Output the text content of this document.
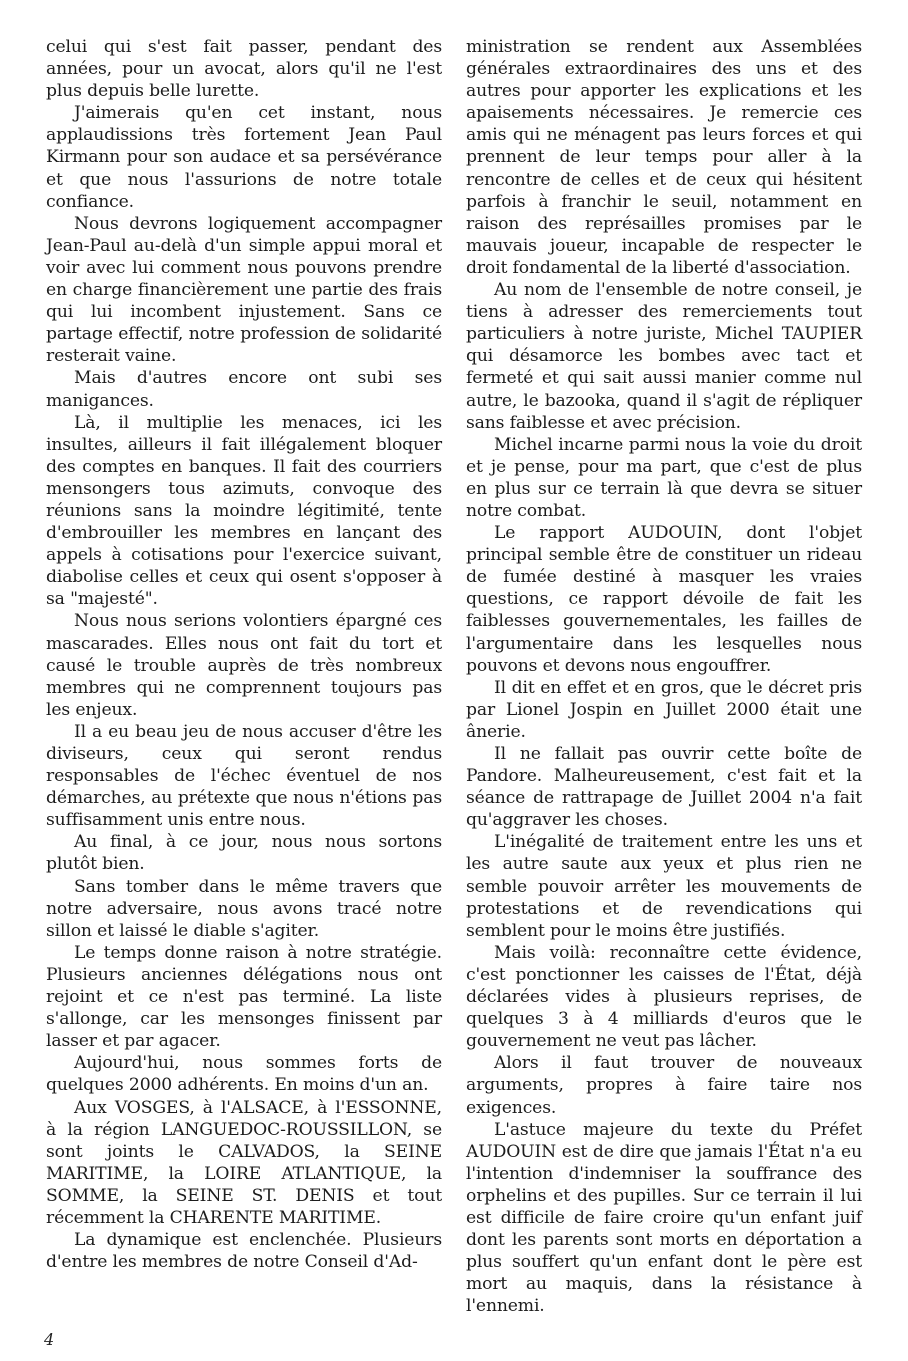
celui qui s'est fait passer, pendant des années, pour un avocat, alors qu'il ne l'est plus depuis belle lurette.

J'aimerais qu'en cet instant, nous applaudissions très fortement Jean Paul Kirmann pour son audace et sa persévérance et que nous l'assurions de notre totale confiance.

Nous devrons logiquement accompagner Jean-Paul au-delà d'un simple appui moral et voir avec lui comment nous pouvons prendre en charge financièrement une partie des frais qui lui incombent injustement. Sans ce partage effectif, notre profession de solidarité resterait vaine.

Mais d'autres encore ont subi ses manigances.

Là, il multiplie les menaces, ici les insultes, ailleurs il fait illégalement bloquer des comptes en banques. Il fait des courriers mensongers tous azimuts, convoque des réunions sans la moindre légitimité, tente d'embrouiller les membres en lançant des appels à cotisations pour l'exercice suivant, diabolise celles et ceux qui osent s'opposer à sa "majesté".

Nous nous serions volontiers épargné ces mascarades. Elles nous ont fait du tort et causé le trouble auprès de très nombreux membres qui ne comprennent toujours pas les enjeux.

Il a eu beau jeu de nous accuser d'être les diviseurs, ceux qui seront rendus responsables de l'échec éventuel de nos démarches, au prétexte que nous n'étions pas suffisamment unis entre nous.

Au final, à ce jour, nous nous sortons plutôt bien.

Sans tomber dans le même travers que notre adversaire, nous avons tracé notre sillon et laissé le diable s'agiter.

Le temps donne raison à notre stratégie. Plusieurs anciennes délégations nous ont rejoint et ce n'est pas terminé. La liste s'allonge, car les mensonges finissent par lasser et par agacer.

Aujourd'hui, nous sommes forts de quelques 2000 adhérents. En moins d'un an.

Aux VOSGES, à l'ALSACE, à l'ESSONNE, à la région LANGUEDOC-ROUSSILLON, se sont joints le CALVADOS, la SEINE MARITIME, la LOIRE ATLANTIQUE, la SOMME, la SEINE ST. DENIS et tout récemment la CHARENTE MARITIME.

La dynamique est enclenchée. Plusieurs d'entre les membres de notre Conseil d'Ad-

ministration se rendent aux Assemblées générales extraordinaires des uns et des autres pour apporter les explications et les apaisements nécessaires. Je remercie ces amis qui ne ménagent pas leurs forces et qui prennent de leur temps pour aller à la rencontre de celles et de ceux qui hésitent parfois à franchir le seuil, notamment en raison des représailles promises par le mauvais joueur, incapable de respecter le droit fondamental de la liberté d'association.

Au nom de l'ensemble de notre conseil, je tiens à adresser des remerciements tout particuliers à notre juriste, Michel TAUPIER qui désamorce les bombes avec tact et fermeté et qui sait aussi manier comme nul autre, le bazooka, quand il s'agit de répliquer sans faiblesse et avec précision.

Michel incarne parmi nous la voie du droit et je pense, pour ma part, que c'est de plus en plus sur ce terrain là que devra se situer notre combat.

Le rapport AUDOUIN, dont l'objet principal semble être de constituer un rideau de fumée destiné à masquer les vraies questions, ce rapport dévoile de fait les faiblesses gouvernementales, les failles de l'argumentaire dans les lesquelles nous pouvons et devons nous engouffrer.

Il dit en effet et en gros, que le décret pris par Lionel Jospin en Juillet 2000 était une ânerie.

Il ne fallait pas ouvrir cette boîte de Pandore. Malheureusement, c'est fait et la séance de rattrapage de Juillet 2004 n'a fait qu'aggraver les choses.

L'inégalité de traitement entre les uns et les autre saute aux yeux et plus rien ne semble pouvoir arrêter les mouvements de protestations et de revendications qui semblent pour le moins être justifiés.

Mais voilà: reconnaître cette évidence, c'est ponctionner les caisses de l'État, déjà déclarées vides à plusieurs reprises, de quelques 3 à 4 milliards d'euros que le gouvernement ne veut pas lâcher.

Alors il faut trouver de nouveaux arguments, propres à faire taire nos exigences.

L'astuce majeure du texte du Préfet AUDOUIN est de dire que jamais l'État n'a eu l'intention d'indemniser la souffrance des orphelins et des pupilles. Sur ce terrain il lui est difficile de faire croire qu'un enfant juif dont les parents sont morts en déportation a plus souffert qu'un enfant dont le père est mort au maquis, dans la résistance à l'ennemi.

4
